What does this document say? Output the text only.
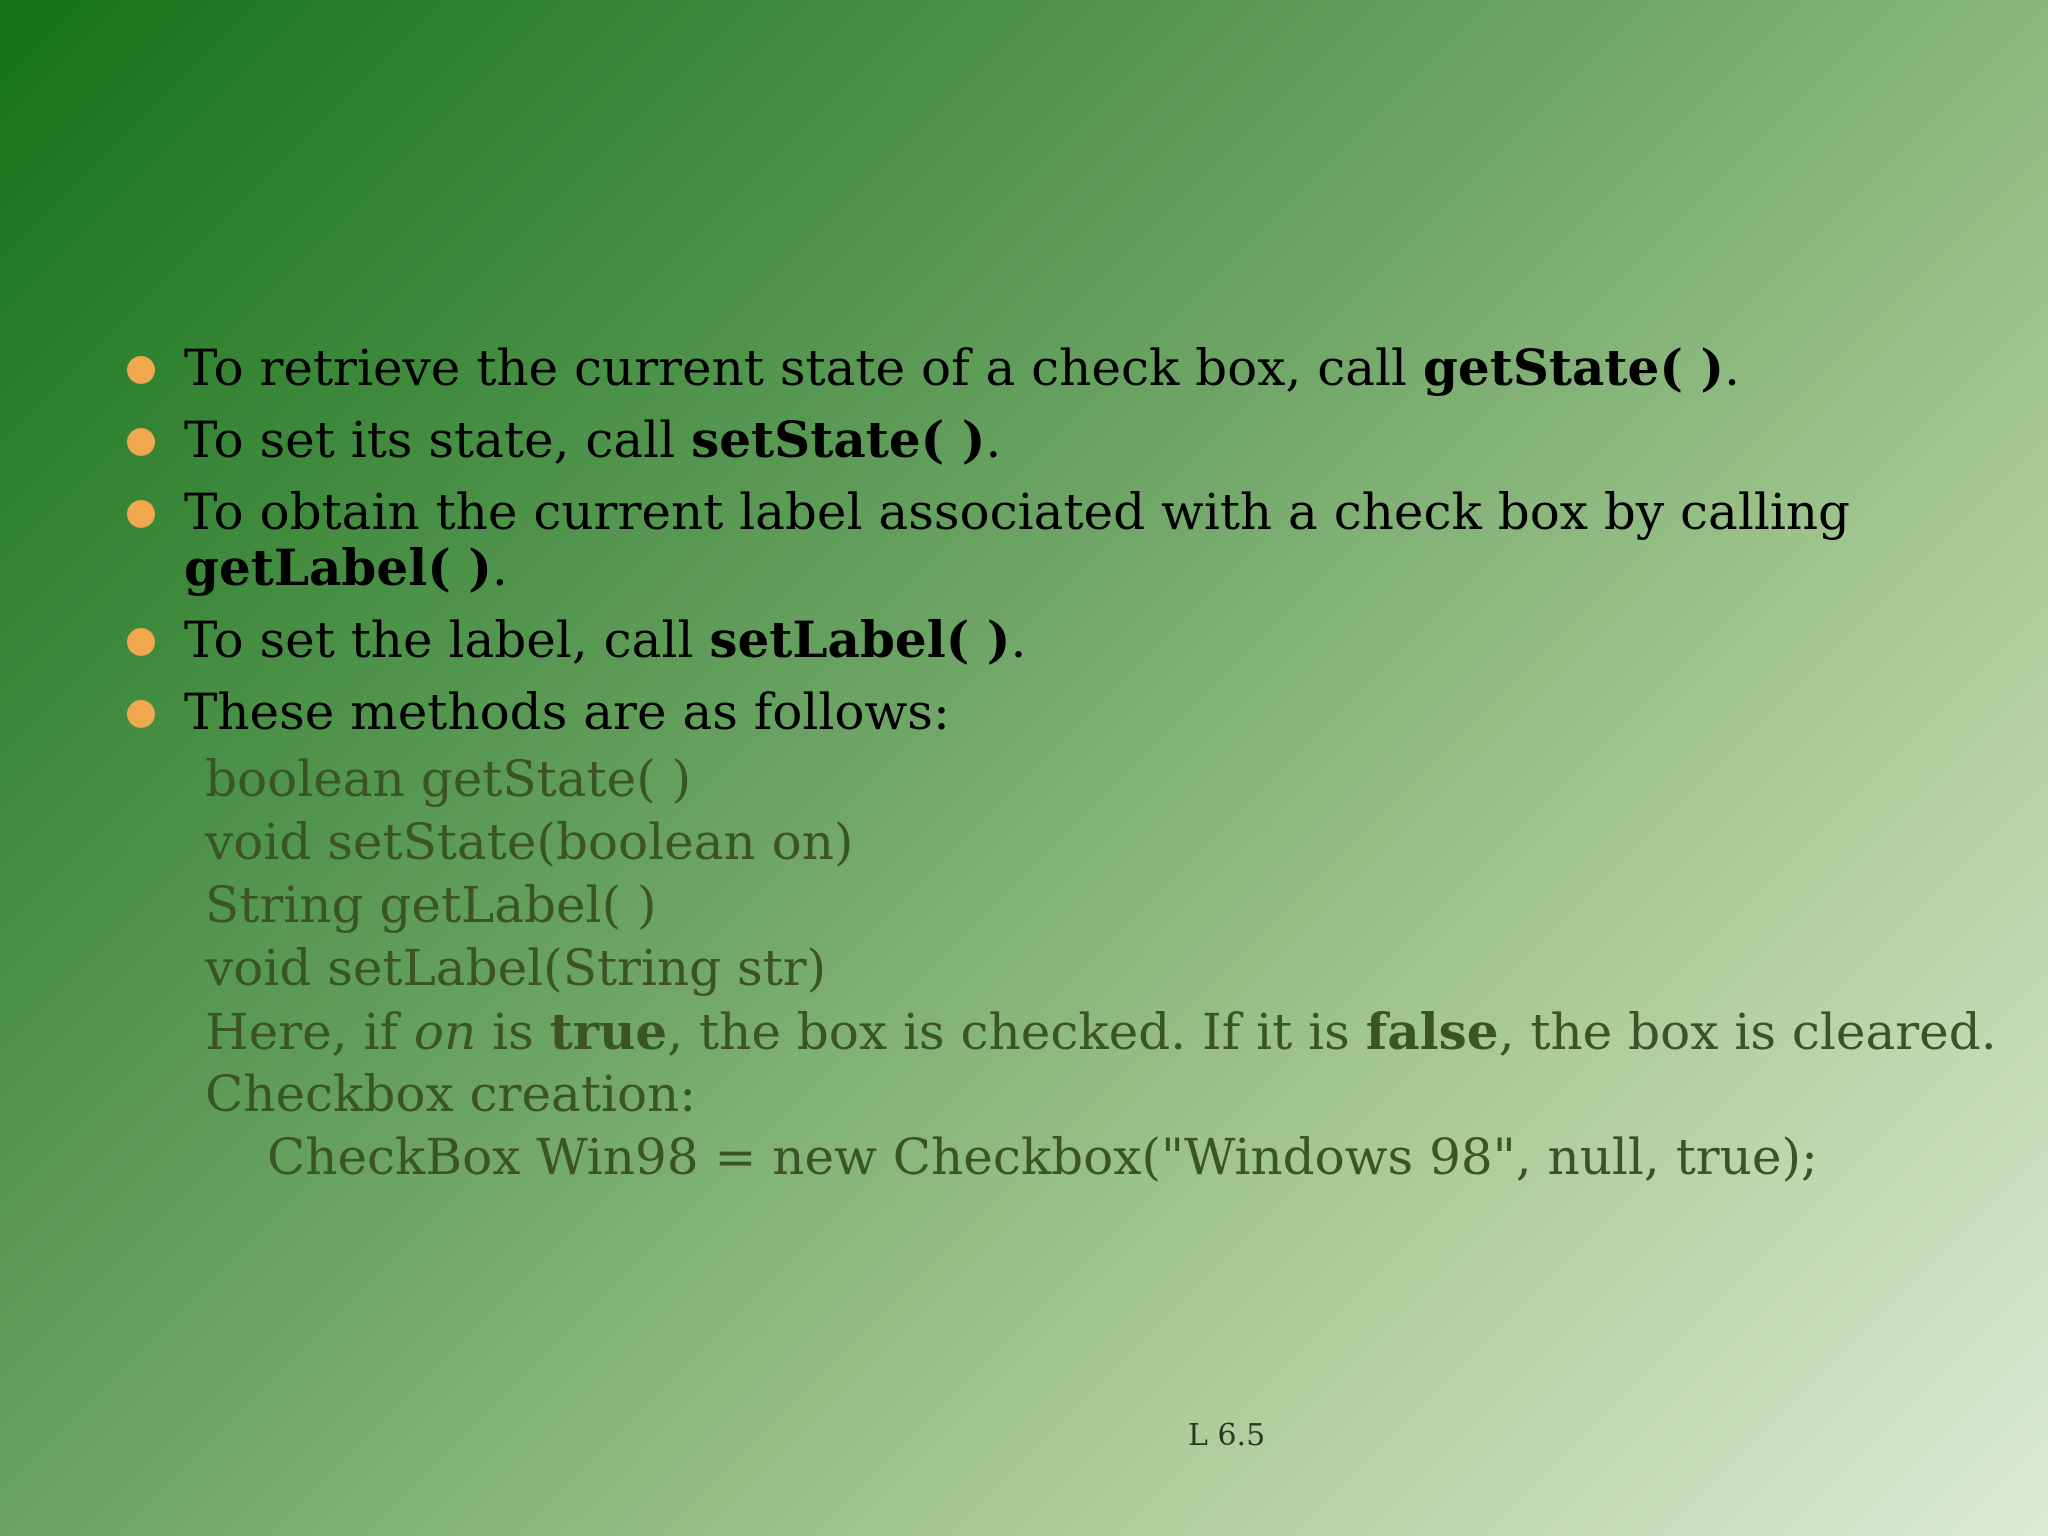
To retrieve the current state of a check box, call getState( ).
To set its state, call setState( ).
To obtain the current label associated with a check box by calling getLabel( ).
To set the label, call setLabel( ).
These methods are as follows:
boolean getState( )
void setState(boolean on)
String getLabel( )
void setLabel(String str)
Here, if on is true, the box is checked. If it is false, the box is cleared.
Checkbox creation:
CheckBox Win98 = new Checkbox("Windows 98", null, true);
L 6.5
